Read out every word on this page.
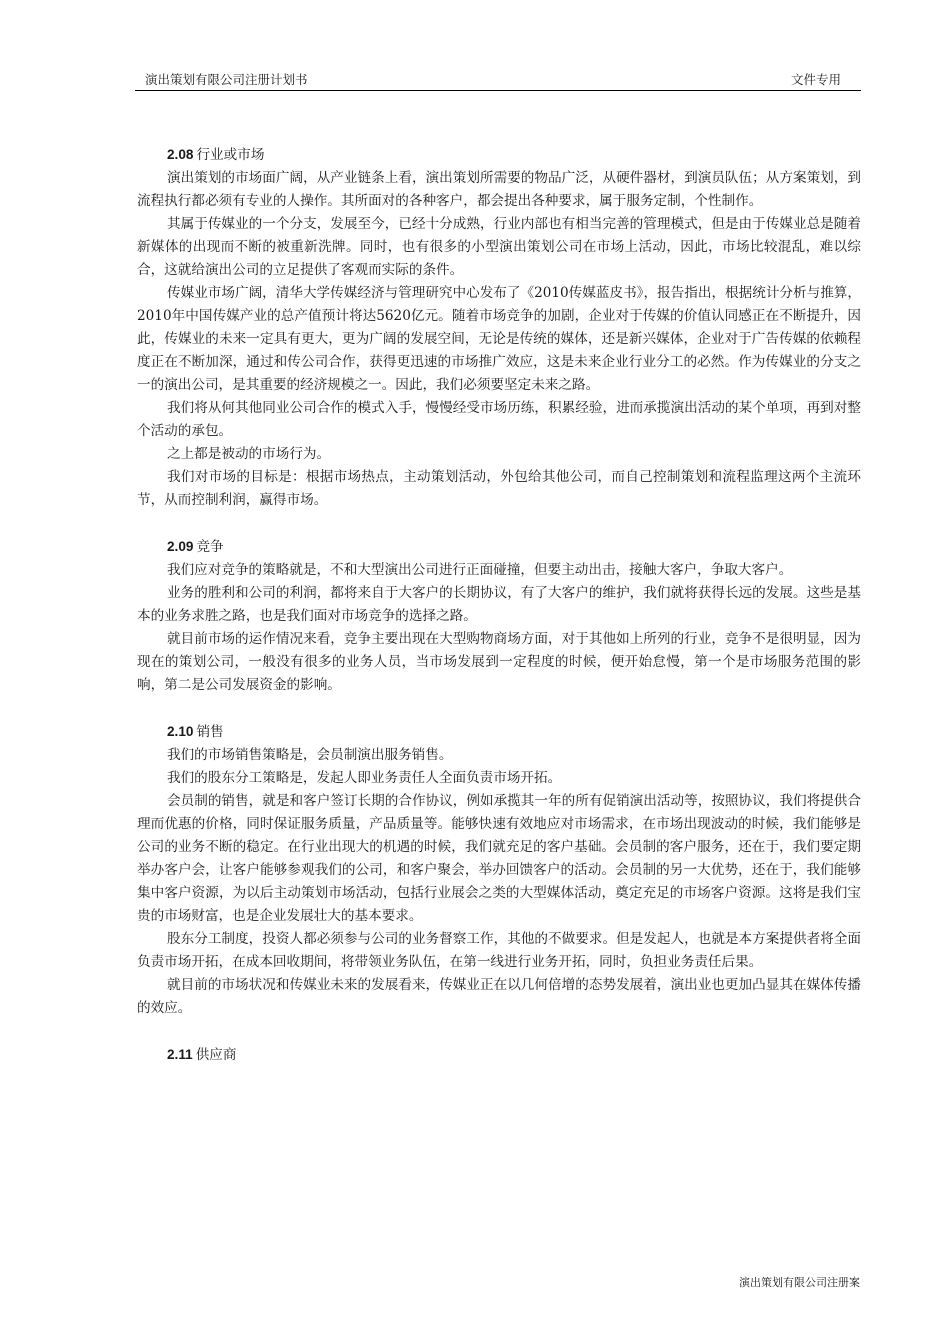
演出策划有限公司注册计划书	文件专用
2.08 行业或市场
演出策划的市场面广阔，从产业链条上看，演出策划所需要的物品广泛，从硬件器材，到演员队伍；从方案策划，到流程执行都必须有专业的人操作。其所面对的各种客户，都会提出各种要求，属于服务定制，个性制作。
其属于传媒业的一个分支，发展至今，已经十分成熟，行业内部也有相当完善的管理模式，但是由于传媒业总是随着新媒体的出现而不断的被重新洗牌。同时，也有很多的小型演出策划公司在市场上活动，因此，市场比较混乱，难以综合，这就给演出公司的立足提供了客观而实际的条件。
传媒业市场广阔，清华大学传媒经济与管理研究中心发布了《2010传媒蓝皮书》，报告指出，根据统计分析与推算，2010年中国传媒产业的总产值预计将达5620亿元。随着市场竞争的加剧，企业对于传媒的价值认同感正在不断提升，因此，传媒业的未来一定具有更大，更为广阔的发展空间，无论是传统的媒体，还是新兴媒体，企业对于广告传媒的依赖程度正在不断加深，通过和传公司合作，获得更迅速的市场推广效应，这是未来企业行业分工的必然。作为传媒业的分支之一的演出公司，是其重要的经济规模之一。因此，我们必须要坚定未来之路。
我们将从何其他同业公司合作的模式入手，慢慢经受市场历练，积累经验，进而承揽演出活动的某个单项，再到对整个活动的承包。
之上都是被动的市场行为。
我们对市场的目标是：根据市场热点，主动策划活动，外包给其他公司，而自己控制策划和流程监理这两个主流环节，从而控制利润，赢得市场。
2.09 竞争
我们应对竞争的策略就是，不和大型演出公司进行正面碰撞，但要主动出击，接触大客户，争取大客户。
业务的胜利和公司的利润，都将来自于大客户的长期协议，有了大客户的维护，我们就将获得长远的发展。这些是基本的业务求胜之路，也是我们面对市场竞争的选择之路。
就目前市场的运作情况来看，竞争主要出现在大型购物商场方面，对于其他如上所列的行业，竞争不是很明显，因为现在的策划公司，一般没有很多的业务人员，当市场发展到一定程度的时候，便开始怠慢，第一个是市场服务范围的影响，第二是公司发展资金的影响。
2.10 销售
我们的市场销售策略是，会员制演出服务销售。
我们的股东分工策略是，发起人即业务责任人全面负责市场开拓。
会员制的销售，就是和客户签订长期的合作协议，例如承揽其一年的所有促销演出活动等，按照协议，我们将提供合理而优惠的价格，同时保证服务质量，产品质量等。能够快速有效地应对市场需求，在市场出现波动的时候，我们能够是公司的业务不断的稳定。在行业出现大的机遇的时候，我们就充足的客户基础。会员制的客户服务，还在于，我们要定期举办客户会，让客户能够参观我们的公司，和客户聚会，举办回馈客户的活动。会员制的另一大优势，还在于，我们能够集中客户资源，为以后主动策划市场活动，包括行业展会之类的大型媒体活动，奠定充足的市场客户资源。这将是我们宝贵的市场财富，也是企业发展壮大的基本要求。
股东分工制度，投资人都必须参与公司的业务督察工作，其他的不做要求。但是发起人，也就是本方案提供者将全面负责市场开拓，在成本回收期间，将带领业务队伍，在第一线进行业务开拓，同时，负担业务责任后果。
就目前的市场状况和传媒业未来的发展看来，传媒业正在以几何倍增的态势发展着，演出业也更加凸显其在媒体传播的效应。
2.11 供应商
演出策划有限公司注册案
